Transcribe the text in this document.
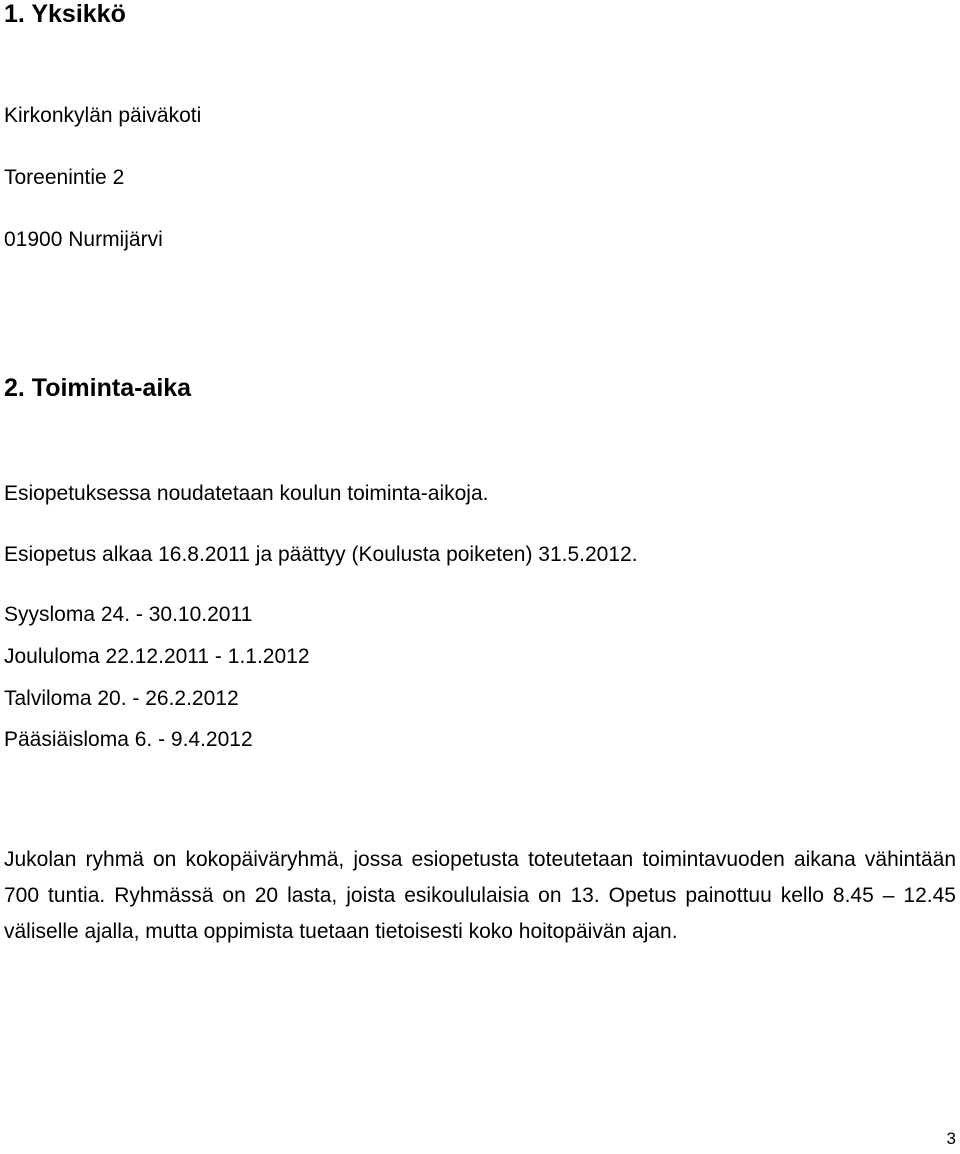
1. Yksikkö

Kirkonkylän päiväkoti

Toreenintie 2

01900 Nurmijärvi

2. Toiminta-aika

Esiopetuksessa noudatetaan koulun toiminta-aikoja.

Esiopetus alkaa 16.8.2011 ja päättyy (Koulusta poiketen) 31.5.2012.

Syysloma 24. - 30.10.2011

Joululoma 22.12.2011 - 1.1.2012

Talviloma 20. - 26.2.2012

Pääsiäisloma 6. - 9.4.2012

Jukolan ryhmä on kokopäiväryhmä, jossa esiopetusta toteutetaan toimintavuoden aikana vähintään 700 tuntia. Ryhmässä on 20 lasta, joista esikoululaisia on 13. Opetus painottuu kello 8.45 – 12.45 väliselle ajalla, mutta oppimista tuetaan tietoisesti koko hoitopäivän ajan.

3
